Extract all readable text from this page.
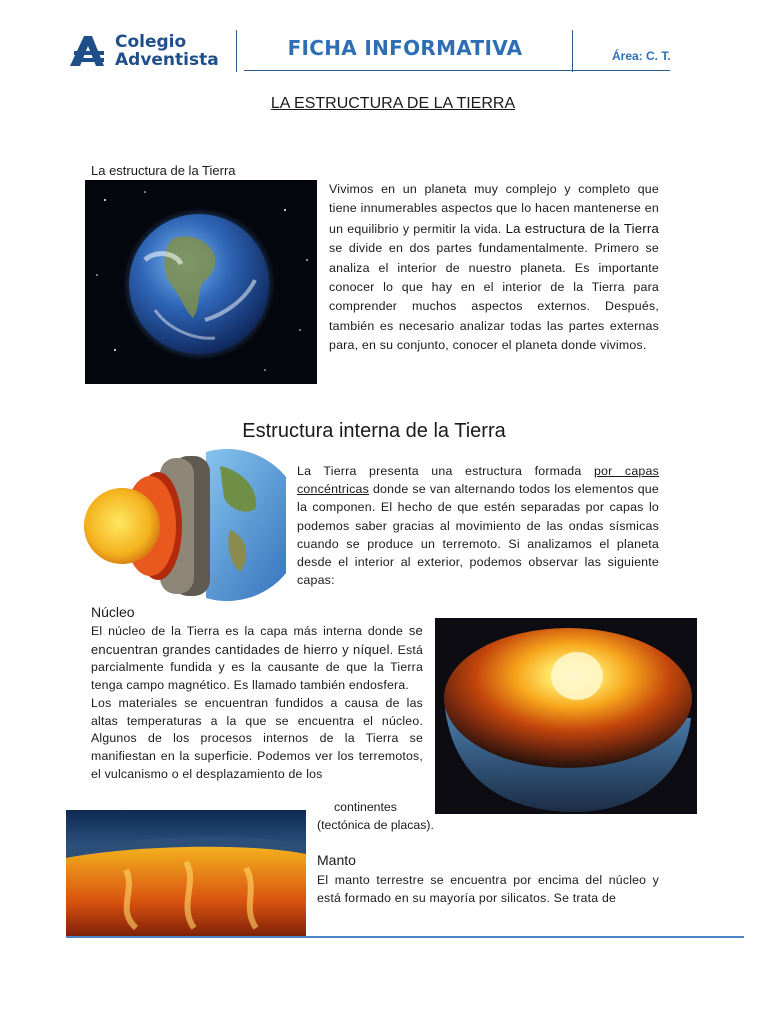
Colegio
Adventista	FICHA INFORMATIVA	Área: C. T.
LA ESTRUCTURA DE LA TIERRA
La estructura de la Tierra
Vivimos en un planeta muy complejo y completo que tiene innumerables aspectos que lo hacen mantenerse en un equilibrio y permitir la vida. La estructura de la Tierra se divide en dos partes fundamentalmente. Primero se analiza el interior de nuestro planeta. Es importante conocer lo que hay en el interior de la Tierra para comprender muchos aspectos externos. Después, también es necesario analizar todas las partes externas para, en su conjunto, conocer el planeta donde vivimos.
Estructura interna de la Tierra
La Tierra presenta una estructura formada por capas concéntricas donde se van alternando todos los elementos que la componen. El hecho de que estén separadas por capas lo podemos saber gracias al movimiento de las ondas sísmicas cuando se produce un terremoto. Si analizamos el planeta desde el interior al exterior, podemos observar las siguiente capas:
Núcleo
El núcleo de la Tierra es la capa más interna donde se encuentran grandes cantidades de hierro y níquel. Está parcialmente fundida y es la causante de que la Tierra tenga campo magnético. Es llamado también endosfera.
Los materiales se encuentran fundidos a causa de las altas temperaturas a la que se encuentra el núcleo. Algunos de los procesos internos de la Tierra se manifiestan en la superficie. Podemos ver los terremotos, el vulcanismo o el desplazamiento de los
continentes
(tectónica de placas).
Manto
El manto terrestre se encuentra por encima del núcleo y está formado en su mayoría por silicatos. Se trata de
